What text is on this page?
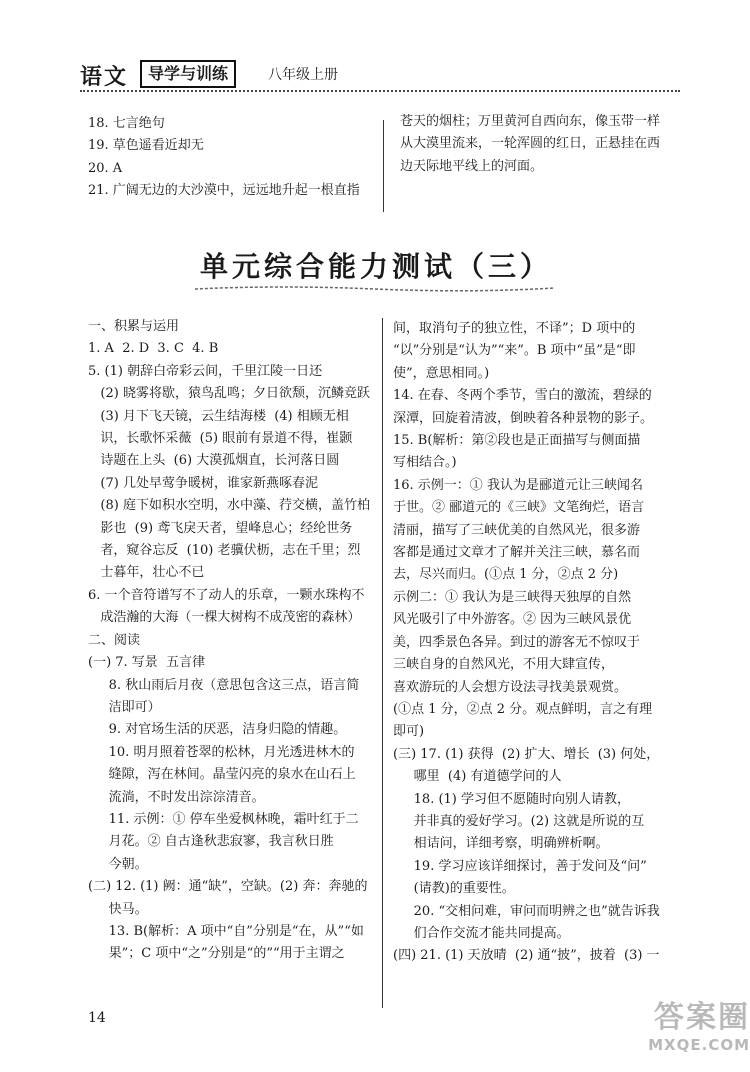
语文	导学与训练	八年级上册
18. 七言绝句
19. 草色遥看近却无
20. A
21. 广阔无边的大沙漠中，远远地升起一根直指
苍天的烟柱；万里黄河自西向东，像玉带一样
从大漠里流来，一轮浑圆的红日，正悬挂在西
边天际地平线上的河面。
单元综合能力测试（三）
一、积累与运用
1. A  2. D  3. C  4. B
5. (1) 朝辞白帝彩云间，千里江陵一日还
(2) 晓雾将歇，猿鸟乱鸣；夕日欲颓，沉鳞竞跃
(3) 月下飞天镜，云生结海楼  (4) 相顾无相
识，长歌怀采薇  (5) 眼前有景道不得，崔颢
诗题在上头  (6) 大漠孤烟直，长河落日圆
(7) 几处早莺争暖树，谁家新燕啄春泥
(8) 庭下如积水空明，水中藻、荇交横，盖竹柏
影也  (9) 鸢飞戾天者，望峰息心；经纶世务
者，窥谷忘反  (10) 老骥伏枥，志在千里；烈
士暮年，壮心不已
6. 一个音符谱写不了动人的乐章，一颗水珠构不
成浩瀚的大海（一棵大树构不成茂密的森林）
二、阅读
(一) 7. 写景  五言律
8. 秋山雨后月夜（意思包含这三点，语言简
洁即可）
9. 对官场生活的厌恶，洁身归隐的情趣。
10. 明月照着苍翠的松林，月光透进林木的
缝隙，泻在林间。晶莹闪亮的泉水在山石上
流淌，不时发出淙淙清音。
11. 示例：① 停车坐爱枫林晚，霜叶红于二
月花。② 自古逢秋悲寂寥，我言秋日胜
今朝。
(二) 12. (1) 阙：通“缺”，空缺。(2) 奔：奔驰的
快马。
13. B(解析：A 项中“自”分别是“在，从”“如
果”；C 项中“之”分别是“的”“用于主谓之
间，取消句子的独立性，不译”；D 项中的
“以”分别是“认为”“来”。B 项中“虽”是“即
使”，意思相同。)
14. 在春、冬两个季节，雪白的激流，碧绿的
深潭，回旋着清波，倒映着各种景物的影子。
15. B(解析：第②段也是正面描写与侧面描
写相结合。)
16. 示例一：① 我认为是郦道元让三峡闻名
于世。② 郦道元的《三峡》文笔绚烂，语言
清丽，描写了三峡优美的自然风光，很多游
客都是通过文章才了解并关注三峡，慕名而
去，尽兴而归。(①点 1 分，②点 2 分)
示例二：① 我认为是三峡得天独厚的自然
风光吸引了中外游客。② 因为三峡风景优
美，四季景色各异。到过的游客无不惊叹于
三峡自身的自然风光，不用大肆宣传，
喜欢游玩的人会想方设法寻找美景观赏。
(①点 1 分，②点 2 分。观点鲜明，言之有理
即可)
(三) 17. (1) 获得  (2) 扩大、增长  (3) 何处，
哪里  (4) 有道德学问的人
18. (1) 学习但不愿随时向别人请教，
并非真的爱好学习。(2) 这就是所说的互
相诘问，详细考察，明确辨析啊。
19. 学习应该详细探讨，善于发问及“问”
(请教)的重要性。
20. “交相问难，审问而明辨之也”就告诉我
们合作交流才能共同提高。
(四) 21. (1) 天放晴  (2) 通“披”，披着  (3) 一
14	答案圈
MXQE.COM
